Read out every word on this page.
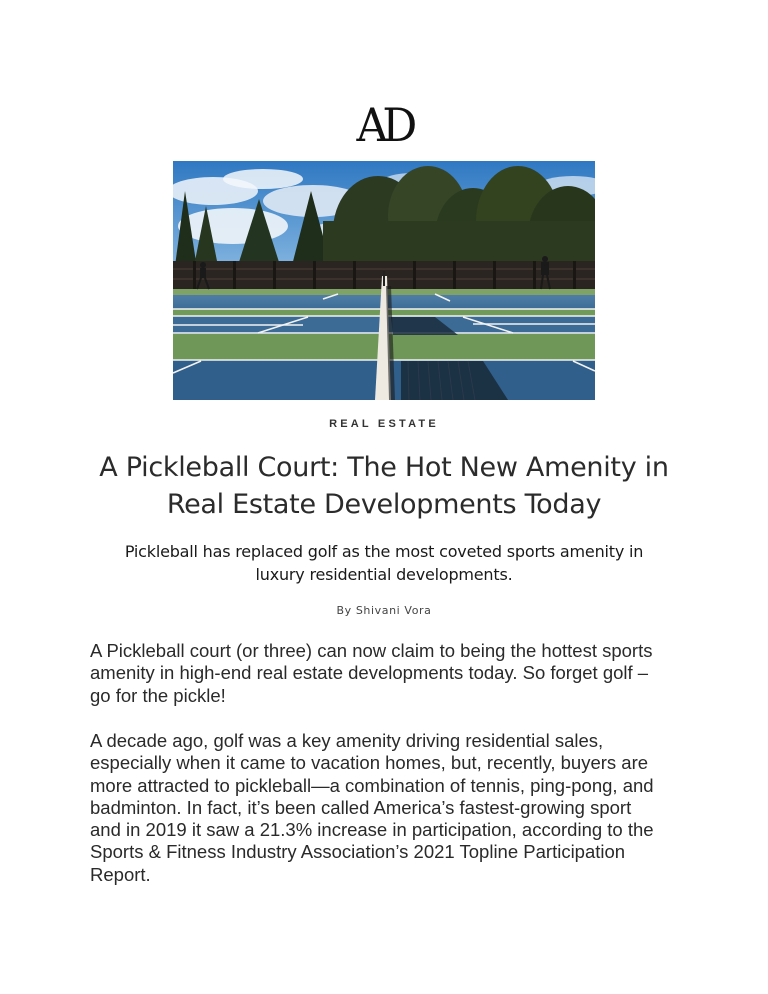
AD
REAL ESTATE
A Pickleball Court: The Hot New Amenity in
Real Estate Developments Today

Pickleball has replaced golf as the most coveted sports amenity in
luxury residential developments.

By Shivani Vora

A Pickleball court (or three) can now claim to being the hottest sports
amenity in high-end real estate developments today. So forget golf –
go for the pickle!

A decade ago, golf was a key amenity driving residential sales,
especially when it came to vacation homes, but, recently, buyers are
more attracted to pickleball—a combination of tennis, ping-pong, and
badminton. In fact, it’s been called America’s fastest-growing sport
and in 2019 it saw a 21.3% increase in participation, according to the
Sports & Fitness Industry Association’s 2021 Topline Participation
Report.
